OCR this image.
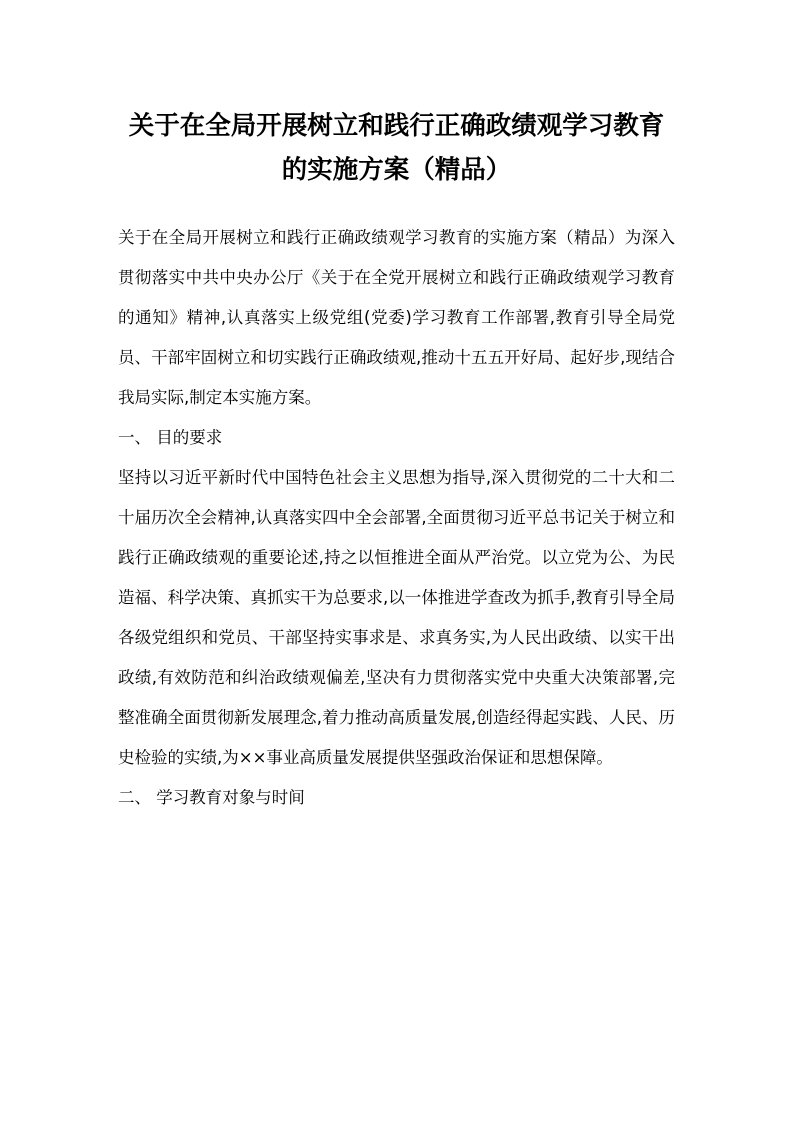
关于在全局开展树立和践行正确政绩观学习教育的实施方案（精品）

关于在全局开展树立和践行正确政绩观学习教育的实施方案（精品）为深入贯彻落实中共中央办公厅《关于在全党开展树立和践行正确政绩观学习教育的通知》精神,认真落实上级党组(党委)学习教育工作部署,教育引导全局党员、干部牢固树立和切实践行正确政绩观,推动十五五开好局、起好步,现结合我局实际,制定本实施方案。

一、 目的要求

坚持以习近平新时代中国特色社会主义思想为指导,深入贯彻党的二十大和二十届历次全会精神,认真落实四中全会部署,全面贯彻习近平总书记关于树立和践行正确政绩观的重要论述,持之以恒推进全面从严治党。以立党为公、为民造福、科学决策、真抓实干为总要求,以一体推进学查改为抓手,教育引导全局各级党组织和党员、干部坚持实事求是、求真务实,为人民出政绩、以实干出政绩,有效防范和纠治政绩观偏差,坚决有力贯彻落实党中央重大决策部署,完整准确全面贯彻新发展理念,着力推动高质量发展,创造经得起实践、人民、历史检验的实绩,为××事业高质量发展提供坚强政治保证和思想保障。

二、 学习教育对象与时间
